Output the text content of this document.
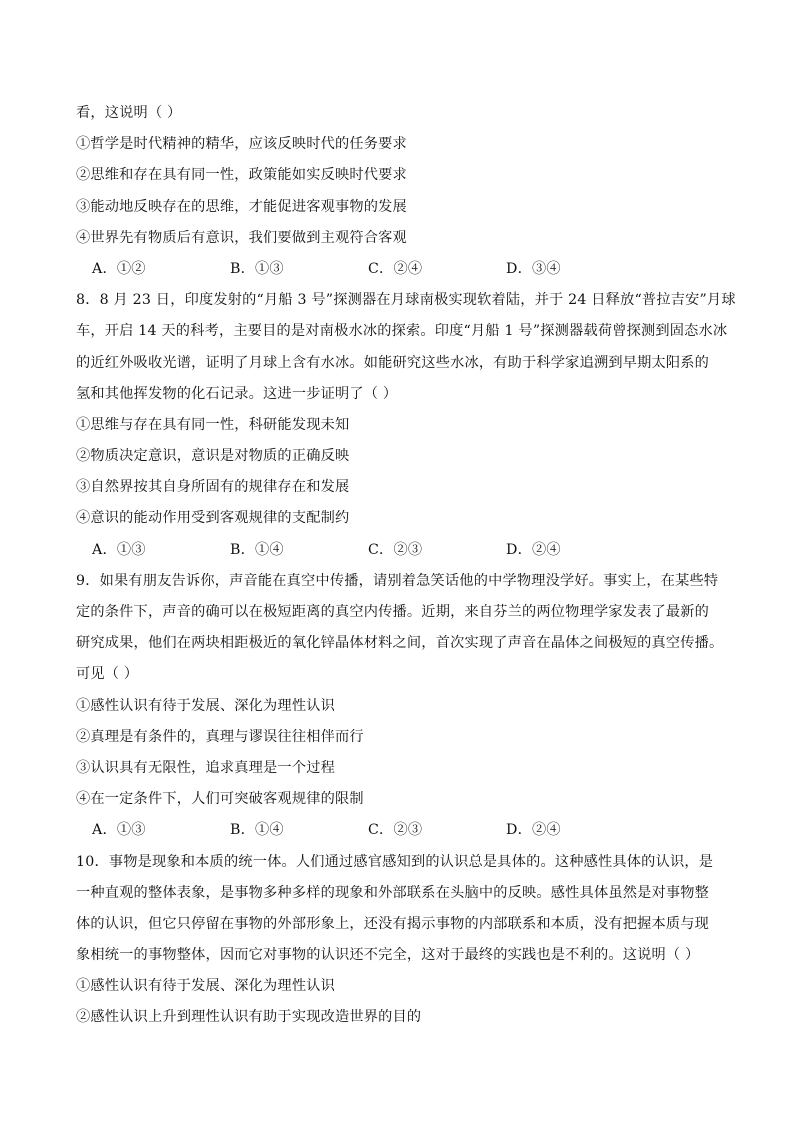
看，这说明（ ）
①哲学是时代精神的精华，应该反映时代的任务要求
②思维和存在具有同一性，政策能如实反映时代要求
③能动地反映存在的思维，才能促进客观事物的发展
④世界先有物质后有意识，我们要做到主观符合客观
A．①②	B．①③	C．②④	D．③④
8．8 月 23 日，印度发射的“月船 3 号”探测器在月球南极实现软着陆，并于 24 日释放“普拉吉安”月球
车，开启 14 天的科考，主要目的是对南极水冰的探索。印度“月船 1 号”探测器载荷曾探测到固态水冰
的近红外吸收光谱，证明了月球上含有水冰。如能研究这些水冰，有助于科学家追溯到早期太阳系的
氢和其他挥发物的化石记录。这进一步证明了（ ）
①思维与存在具有同一性，科研能发现未知
②物质决定意识，意识是对物质的正确反映
③自然界按其自身所固有的规律存在和发展
④意识的能动作用受到客观规律的支配制约
A．①③	B．①④	C．②③	D．②④
9．如果有朋友告诉你，声音能在真空中传播，请别着急笑话他的中学物理没学好。事实上，在某些特
定的条件下，声音的确可以在极短距离的真空内传播。近期，来自芬兰的两位物理学家发表了最新的
研究成果，他们在两块相距极近的氧化锌晶体材料之间，首次实现了声音在晶体之间极短的真空传播。
可见（ ）
①感性认识有待于发展、深化为理性认识
②真理是有条件的，真理与谬误往往相伴而行
③认识具有无限性，追求真理是一个过程
④在一定条件下，人们可突破客观规律的限制
A．①③	B．①④	C．②③	D．②④
10．事物是现象和本质的统一体。人们通过感官感知到的认识总是具体的。这种感性具体的认识，是
一种直观的整体表象，是事物多种多样的现象和外部联系在头脑中的反映。感性具体虽然是对事物整
体的认识，但它只停留在事物的外部形象上，还没有揭示事物的内部联系和本质，没有把握本质与现
象相统一的事物整体，因而它对事物的认识还不完全，这对于最终的实践也是不利的。这说明（ ）
①感性认识有待于发展、深化为理性认识
②感性认识上升到理性认识有助于实现改造世界的目的
